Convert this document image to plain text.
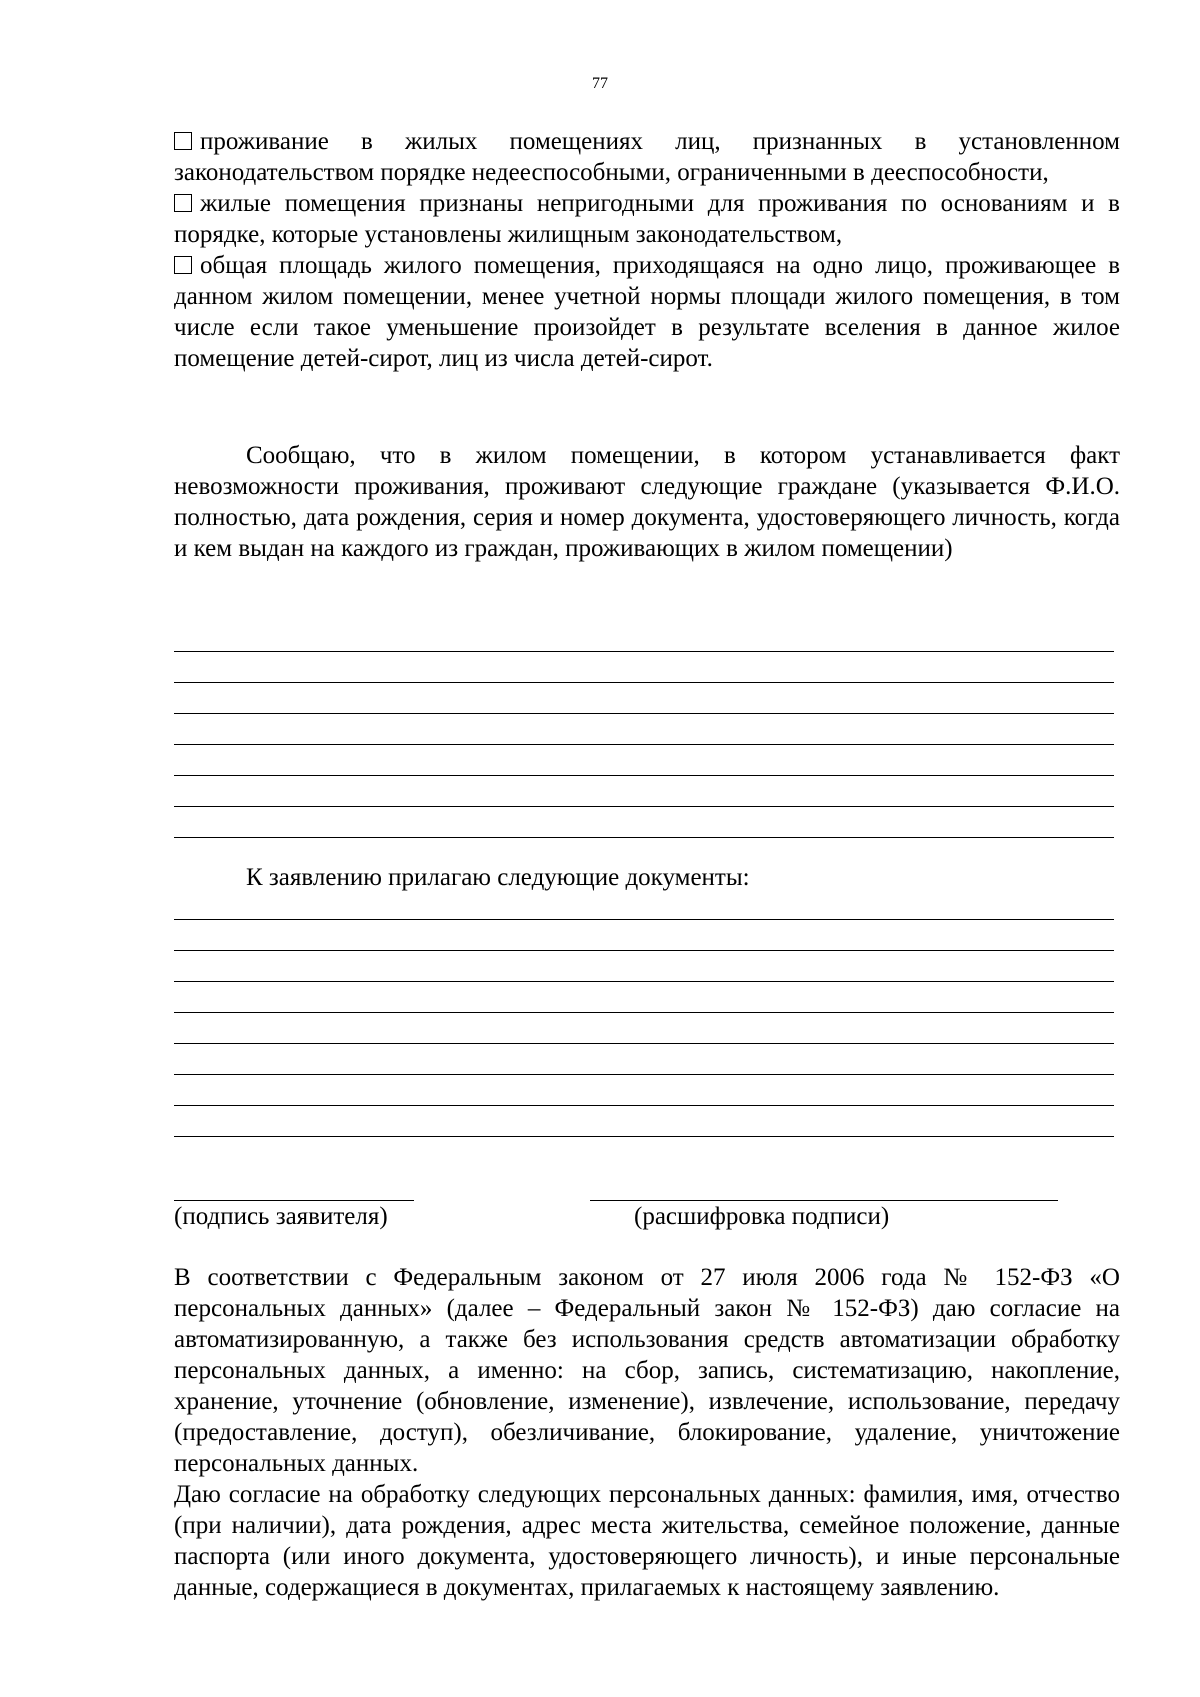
77

проживание в жилых помещениях лиц, признанных в установленном законодательством порядке недееспособными, ограниченными в дееспособности,

жилые помещения признаны непригодными для проживания по основаниям и в порядке, которые установлены жилищным законодательством,

общая площадь жилого помещения, приходящаяся на одно лицо, проживающее в данном жилом помещении, менее учетной нормы площади жилого помещения, в том числе если такое уменьшение произойдет в результате вселения в данное жилое помещение детей-сирот, лиц из числа детей-сирот.

Сообщаю, что в жилом помещении, в котором устанавливается факт невозможности проживания, проживают следующие граждане (указывается Ф.И.О. полностью, дата рождения, серия и номер документа, удостоверяющего личность, когда и кем выдан на каждого из граждан, проживающих в жилом помещении)

К заявлению прилагаю следующие документы:

(подпись заявителя)	(расшифровка подписи)

В соответствии с Федеральным законом от 27 июля 2006 года № 152-ФЗ «О персональных данных» (далее – Федеральный закон № 152-ФЗ) даю согласие на автоматизированную, а также без использования средств автоматизации обработку персональных данных, а именно: на сбор, запись, систематизацию, накопление, хранение, уточнение (обновление, изменение), извлечение, использование, передачу (предоставление, доступ), обезличивание, блокирование, удаление, уничтожение персональных данных.

Даю согласие на обработку следующих персональных данных: фамилия, имя, отчество (при наличии), дата рождения, адрес места жительства, семейное положение, данные паспорта (или иного документа, удостоверяющего личность), и иные персональные данные, содержащиеся в документах, прилагаемых к настоящему заявлению.
